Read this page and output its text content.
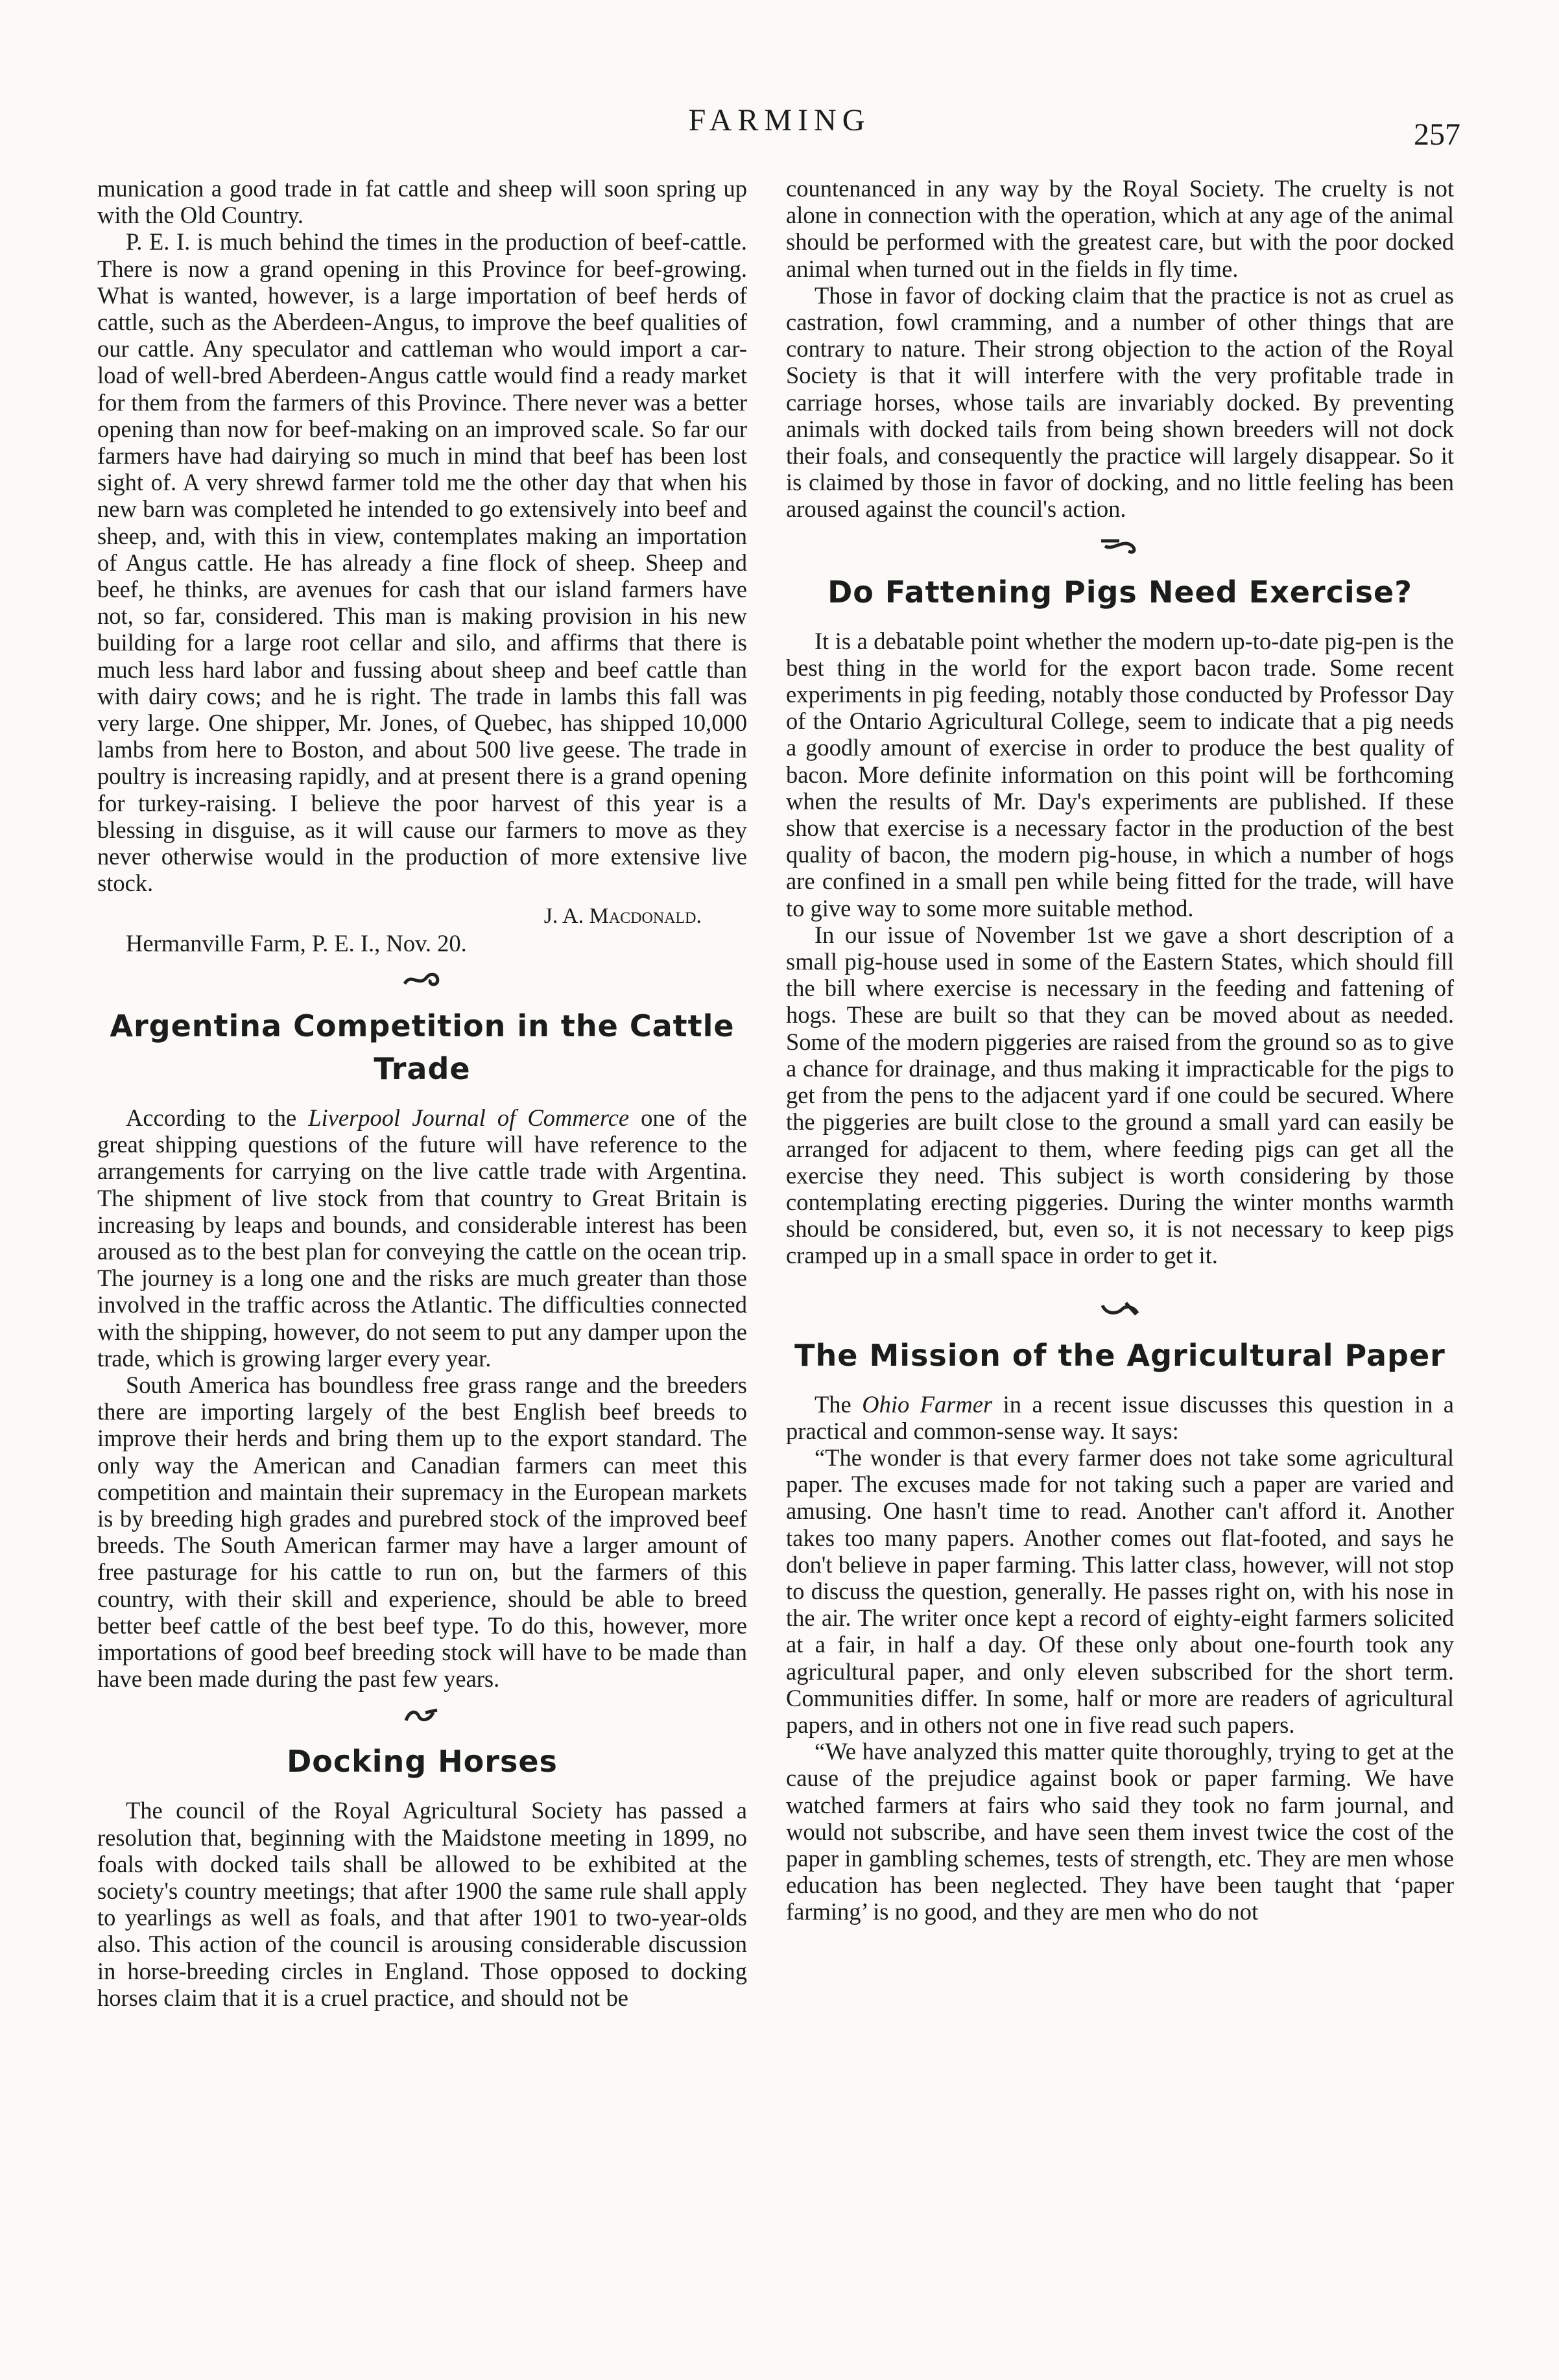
FARMING	257

munication a good trade in fat cattle and sheep will soon spring up with the Old Country.

P. E. I. is much behind the times in the production of beef-cattle. There is now a grand opening in this Province for beef-growing. What is wanted, however, is a large importation of beef herds of cattle, such as the Aberdeen-Angus, to improve the beef qualities of our cattle. Any speculator and cattleman who would import a car-load of well-bred Aberdeen-Angus cattle would find a ready market for them from the farmers of this Province. There never was a better opening than now for beef-making on an improved scale. So far our farmers have had dairying so much in mind that beef has been lost sight of. A very shrewd farmer told me the other day that when his new barn was completed he intended to go extensively into beef and sheep, and, with this in view, contemplates making an importation of Angus cattle. He has already a fine flock of sheep. Sheep and beef, he thinks, are avenues for cash that our island farmers have not, so far, considered. This man is making provision in his new building for a large root cellar and silo, and affirms that there is much less hard labor and fussing about sheep and beef cattle than with dairy cows; and he is right. The trade in lambs this fall was very large. One shipper, Mr. Jones, of Quebec, has shipped 10,000 lambs from here to Boston, and about 500 live geese. The trade in poultry is increasing rapidly, and at present there is a grand opening for turkey-raising. I believe the poor harvest of this year is a blessing in disguise, as it will cause our farmers to move as they never otherwise would in the production of more extensive live stock.

J. A. Macdonald.

Hermanville Farm, P. E. I., Nov. 20.

Argentina Competition in the Cattle Trade

According to the Liverpool Journal of Commerce one of the great shipping questions of the future will have reference to the arrangements for carrying on the live cattle trade with Argentina. The shipment of live stock from that country to Great Britain is increasing by leaps and bounds, and considerable interest has been aroused as to the best plan for conveying the cattle on the ocean trip. The journey is a long one and the risks are much greater than those involved in the traffic across the Atlantic. The difficulties connected with the shipping, however, do not seem to put any damper upon the trade, which is growing larger every year.

South America has boundless free grass range and the breeders there are importing largely of the best English beef breeds to improve their herds and bring them up to the export standard. The only way the American and Canadian farmers can meet this competition and maintain their supremacy in the European markets is by breeding high grades and purebred stock of the improved beef breeds. The South American farmer may have a larger amount of free pasturage for his cattle to run on, but the farmers of this country, with their skill and experience, should be able to breed better beef cattle of the best beef type. To do this, however, more importations of good beef breeding stock will have to be made than have been made during the past few years.

Docking Horses

The council of the Royal Agricultural Society has passed a resolution that, beginning with the Maidstone meeting in 1899, no foals with docked tails shall be allowed to be exhibited at the society's country meetings; that after 1900 the same rule shall apply to yearlings as well as foals, and that after 1901 to two-year-olds also. This action of the council is arousing considerable discussion in horse-breeding circles in England. Those opposed to docking horses claim that it is a cruel practice, and should not be

countenanced in any way by the Royal Society. The cruelty is not alone in connection with the operation, which at any age of the animal should be performed with the greatest care, but with the poor docked animal when turned out in the fields in fly time.

Those in favor of docking claim that the practice is not as cruel as castration, fowl cramming, and a number of other things that are contrary to nature. Their strong objection to the action of the Royal Society is that it will interfere with the very profitable trade in carriage horses, whose tails are invariably docked. By preventing animals with docked tails from being shown breeders will not dock their foals, and consequently the practice will largely disappear. So it is claimed by those in favor of docking, and no little feeling has been aroused against the council's action.

Do Fattening Pigs Need Exercise?

It is a debatable point whether the modern up-to-date pig-pen is the best thing in the world for the export bacon trade. Some recent experiments in pig feeding, notably those conducted by Professor Day of the Ontario Agricultural College, seem to indicate that a pig needs a goodly amount of exercise in order to produce the best quality of bacon. More definite information on this point will be forthcoming when the results of Mr. Day's experiments are published. If these show that exercise is a necessary factor in the production of the best quality of bacon, the modern pig-house, in which a number of hogs are confined in a small pen while being fitted for the trade, will have to give way to some more suitable method.

In our issue of November 1st we gave a short description of a small pig-house used in some of the Eastern States, which should fill the bill where exercise is necessary in the feeding and fattening of hogs. These are built so that they can be moved about as needed. Some of the modern piggeries are raised from the ground so as to give a chance for drainage, and thus making it impracticable for the pigs to get from the pens to the adjacent yard if one could be secured. Where the piggeries are built close to the ground a small yard can easily be arranged for adjacent to them, where feeding pigs can get all the exercise they need. This subject is worth considering by those contemplating erecting piggeries. During the winter months warmth should be considered, but, even so, it is not necessary to keep pigs cramped up in a small space in order to get it.

The Mission of the Agricultural Paper

The Ohio Farmer in a recent issue discusses this question in a practical and common-sense way. It says:

“The wonder is that every farmer does not take some agricultural paper. The excuses made for not taking such a paper are varied and amusing. One hasn't time to read. Another can't afford it. Another takes too many papers. Another comes out flat-footed, and says he don't believe in paper farming. This latter class, however, will not stop to discuss the question, generally. He passes right on, with his nose in the air. The writer once kept a record of eighty-eight farmers solicited at a fair, in half a day. Of these only about one-fourth took any agricultural paper, and only eleven subscribed for the short term. Communities differ. In some, half or more are readers of agricultural papers, and in others not one in five read such papers.

“We have analyzed this matter quite thoroughly, trying to get at the cause of the prejudice against book or paper farming. We have watched farmers at fairs who said they took no farm journal, and would not subscribe, and have seen them invest twice the cost of the paper in gambling schemes, tests of strength, etc. They are men whose education has been neglected. They have been taught that ‘paper farming’ is no good, and they are men who do not
